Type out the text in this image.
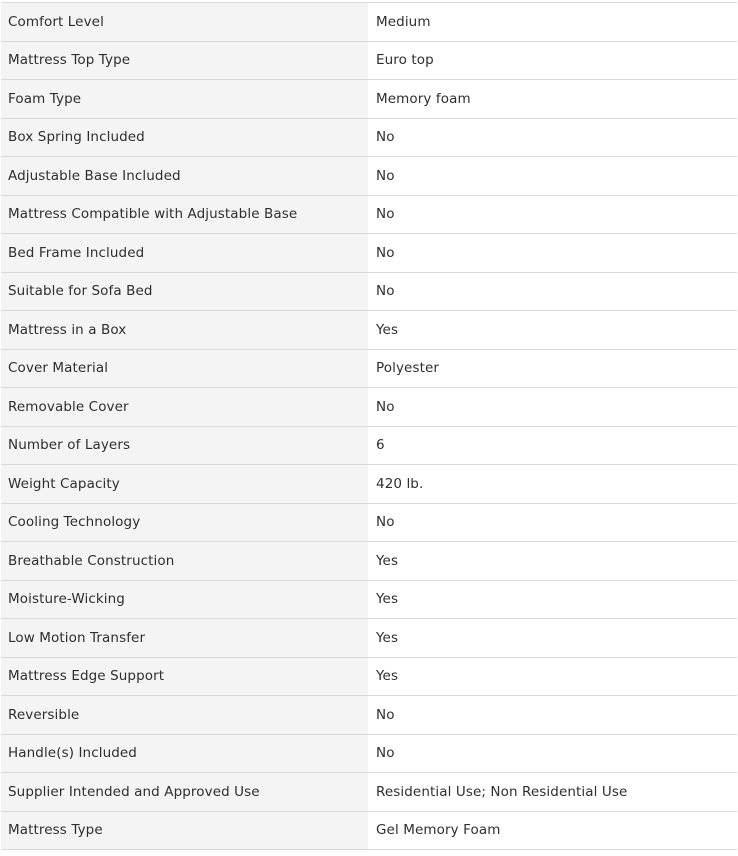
Comfort Level	Medium
Mattress Top Type	Euro top
Foam Type	Memory foam
Box Spring Included	No
Adjustable Base Included	No
Mattress Compatible with Adjustable Base	No
Bed Frame Included	No
Suitable for Sofa Bed	No
Mattress in a Box	Yes
Cover Material	Polyester
Removable Cover	No
Number of Layers	6
Weight Capacity	420 lb.
Cooling Technology	No
Breathable Construction	Yes
Moisture-Wicking	Yes
Low Motion Transfer	Yes
Mattress Edge Support	Yes
Reversible	No
Handle(s) Included	No
Supplier Intended and Approved Use	Residential Use; Non Residential Use
Mattress Type	Gel Memory Foam
